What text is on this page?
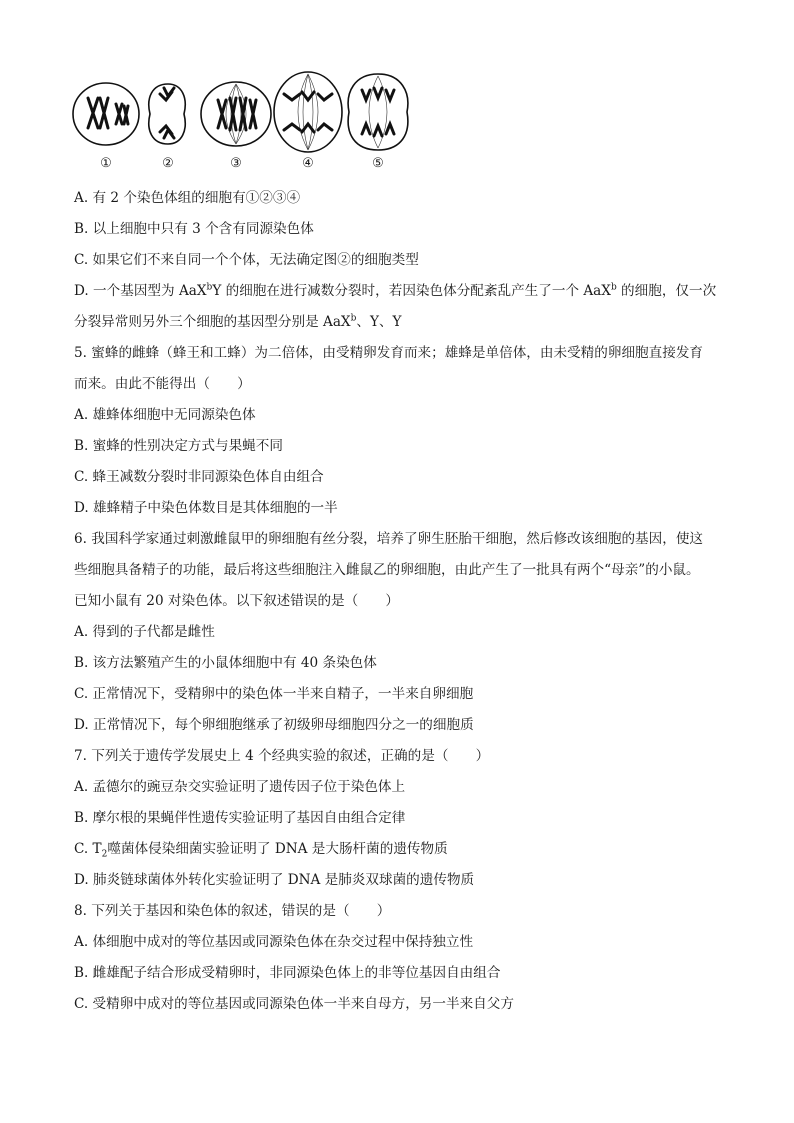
①	②	③	④	⑤
A. 有 2 个染色体组的细胞有①②③④
B. 以上细胞中只有 3 个含有同源染色体
C. 如果它们不来自同一个个体，无法确定图②的细胞类型
D. 一个基因型为 AaX$^b$Y 的细胞在进行减数分裂时，若因染色体分配紊乱产生了一个 AaX$^b$ 的细胞，仅一次
分裂异常则另外三个细胞的基因型分别是 AaX$^b$、Y、Y
5. 蜜蜂的雌蜂（蜂王和工蜂）为二倍体，由受精卵发育而来；雄蜂是单倍体，由未受精的卵细胞直接发育
而来。由此不能得出（　　）
A. 雄蜂体细胞中无同源染色体
B. 蜜蜂的性别决定方式与果蝇不同
C. 蜂王减数分裂时非同源染色体自由组合
D. 雄蜂精子中染色体数目是其体细胞的一半
6. 我国科学家通过刺激雌鼠甲的卵细胞有丝分裂，培养了卵生胚胎干细胞，然后修改该细胞的基因，使这
些细胞具备精子的功能，最后将这些细胞注入雌鼠乙的卵细胞，由此产生了一批具有两个“母亲”的小鼠。
已知小鼠有 20 对染色体。以下叙述错误的是（　　）
A. 得到的子代都是雌性
B. 该方法繁殖产生的小鼠体细胞中有 40 条染色体
C. 正常情况下，受精卵中的染色体一半来自精子，一半来自卵细胞
D. 正常情况下，每个卵细胞继承了初级卵母细胞四分之一的细胞质
7. 下列关于遗传学发展史上 4 个经典实验的叙述，正确的是（　　）
A. 孟德尔的豌豆杂交实验证明了遗传因子位于染色体上
B. 摩尔根的果蝇伴性遗传实验证明了基因自由组合定律
C. $T_2$噬菌体侵染细菌实验证明了 DNA 是大肠杆菌的遗传物质
D. 肺炎链球菌体外转化实验证明了 DNA 是肺炎双球菌的遗传物质
8. 下列关于基因和染色体的叙述，错误的是（　　）
A. 体细胞中成对的等位基因或同源染色体在杂交过程中保持独立性
B. 雌雄配子结合形成受精卵时，非同源染色体上的非等位基因自由组合
C. 受精卵中成对的等位基因或同源染色体一半来自母方，另一半来自父方
